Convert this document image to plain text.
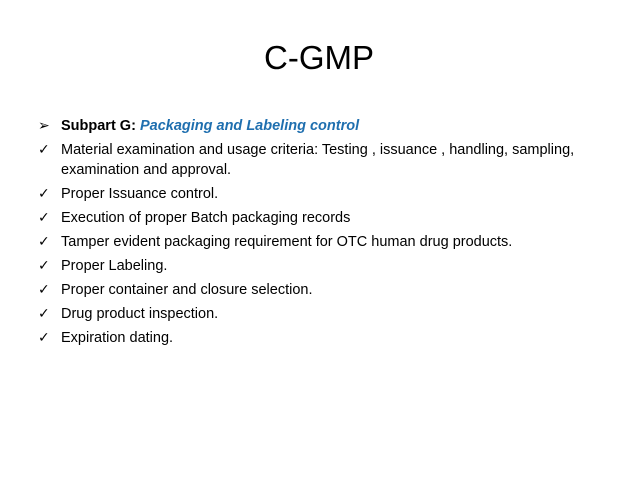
C-GMP
➢ Subpart G: Packaging and Labeling control
✓ Material examination and usage criteria: Testing , issuance , handling, sampling, examination and approval.
✓ Proper Issuance control.
✓ Execution of proper Batch packaging records
✓ Tamper evident packaging requirement for OTC human drug products.
✓ Proper Labeling.
✓ Proper container and closure selection.
✓ Drug product inspection.
✓ Expiration dating.
